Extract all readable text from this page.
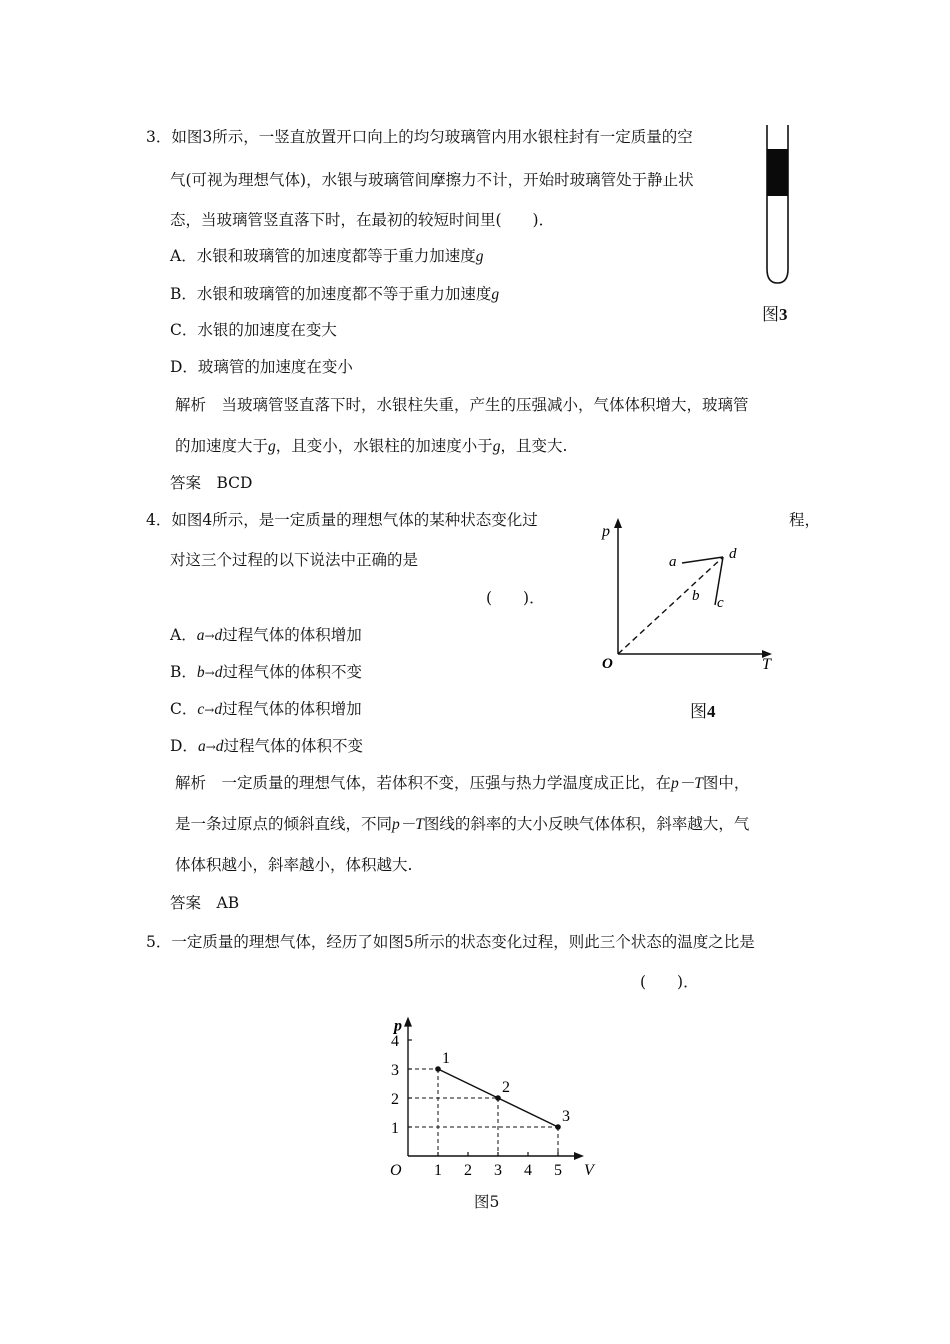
3．如图3所示，一竖直放置开口向上的均匀玻璃管内用水银柱封有一定质量的空
气(可视为理想气体)，水银与玻璃管间摩擦力不计，开始时玻璃管处于静止状
态，当玻璃管竖直落下时，在最初的较短时间里(　　)．
A．水银和玻璃管的加速度都等于重力加速度g
B．水银和玻璃管的加速度都不等于重力加速度g
C．水银的加速度在变大
D．玻璃管的加速度在变小
解析　当玻璃管竖直落下时，水银柱失重，产生的压强减小，气体体积增大，玻璃管
的加速度大于g，且变小，水银柱的加速度小于g，且变大.
答案　BCD
图3
4．如图4所示，是一定质量的理想气体的某种状态变化过	程，
对这三个过程的以下说法中正确的是
(　　)．
A．a→d过程气体的体积增加
B．b→d过程气体的体积不变
C．c→d过程气体的体积增加
D．a→d过程气体的体积不变
解析　一定质量的理想气体，若体积不变，压强与热力学温度成正比，在p－T图中，
是一条过原点的倾斜直线，不同p－T图线的斜率的大小反映气体体积，斜率越大，气
体体积越小，斜率越小，体积越大.
答案　AB
p
T
O
a	d
b c
图4
5．一定质量的理想气体，经历了如图5所示的状态变化过程，则此三个状态的温度之比是
(　　)．
1 2 3 4 5
1
2
3
4
p
V
O
1
2
3
图5
